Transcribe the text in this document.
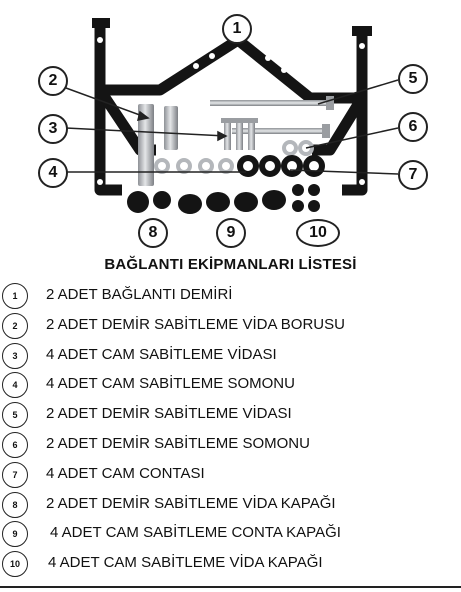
1
2
3
4
5
6
7
8	9	10
BAĞLANTI EKİPMANLARI LİSTESİ
1	2 ADET BAĞLANTI DEMİRİ
2	2 ADET DEMİR SABİTLEME VİDA BORUSU
3	4 ADET CAM SABİTLEME VİDASI
4	4 ADET CAM SABİTLEME SOMONU
5	2 ADET DEMİR SABİTLEME VİDASI
6	2 ADET DEMİR SABİTLEME SOMONU
7	4 ADET CAM CONTASI
8	2 ADET DEMİR SABİTLEME VİDA KAPAĞI
9	4 ADET CAM SABİTLEME CONTA KAPAĞI
10	4 ADET CAM SABİTLEME VİDA KAPAĞI
